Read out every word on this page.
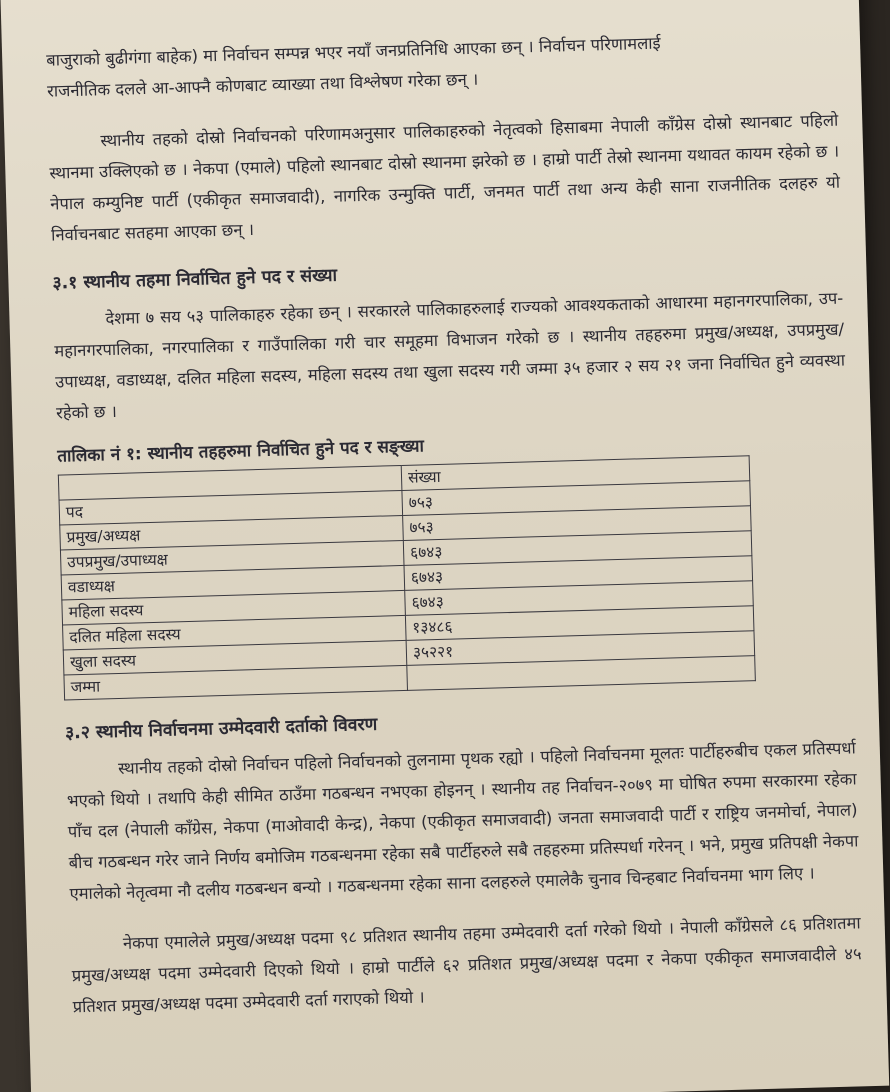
बाजुराको बुढीगंगा बाहेक) मा निर्वाचन सम्पन्न भएर नयाँ जनप्रतिनिधि आएका छन् । निर्वाचन परिणामलाई
राजनीतिक दलले आ-आफ्नै कोणबाट व्याख्या तथा विश्लेषण गरेका छन् ।

स्थानीय तहको दोस्रो निर्वाचनको परिणामअनुसार पालिकाहरुको नेतृत्वको हिसाबमा नेपाली काँग्रेस दोस्रो स्थानबाट पहिलो स्थानमा उक्लिएको छ । नेकपा (एमाले) पहिलो स्थानबाट दोस्रो स्थानमा झरेको छ । हाम्रो पार्टी तेस्रो स्थानमा यथावत कायम रहेको छ । नेपाल कम्युनिष्ट पार्टी (एकीकृत समाजवादी), नागरिक उन्मुक्ति पार्टी, जनमत पार्टी तथा अन्य केही साना राजनीतिक दलहरु यो निर्वाचनबाट सतहमा आएका छन् ।

३.१ स्थानीय तहमा निर्वाचित हुने पद र संख्या

देशमा ७ सय ५३ पालिकाहरु रहेका छन् । सरकारले पालिकाहरुलाई राज्यको आवश्यकताको आधारमा महानगरपालिका, उप-महानगरपालिका, नगरपालिका र गाउँपालिका गरी चार समूहमा विभाजन गरेको छ । स्थानीय तहहरुमा प्रमुख/अध्यक्ष, उपप्रमुख/उपाध्यक्ष, वडाध्यक्ष, दलित महिला सदस्य, महिला सदस्य तथा खुला सदस्य गरी जम्मा ३५ हजार २ सय २१ जना निर्वाचित हुने व्यवस्था रहेको छ ।

तालिका नं १: स्थानीय तहहरुमा निर्वाचित हुने पद र सङ्ख्या
	संख्या
पद	७५३
प्रमुख/अध्यक्ष	७५३
उपप्रमुख/उपाध्यक्ष	६७४३
वडाध्यक्ष	६७४३
महिला सदस्य	६७४३
दलित महिला सदस्य	१३४८६
खुला सदस्य	३५२२१
जम्मा	
३.२ स्थानीय निर्वाचनमा उम्मेदवारी दर्ताको विवरण

स्थानीय तहको दोस्रो निर्वाचन पहिलो निर्वाचनको तुलनामा पृथक रह्यो । पहिलो निर्वाचनमा मूलतः पार्टीहरुबीच एकल प्रतिस्पर्धा भएको थियो । तथापि केही सीमित ठाउँमा गठबन्धन नभएका होइनन् । स्थानीय तह निर्वाचन-२०७९ मा घोषित रुपमा सरकारमा रहेका पाँच दल (नेपाली काँग्रेस, नेकपा (माओवादी केन्द्र), नेकपा (एकीकृत समाजवादी) जनता समाजवादी पार्टी र राष्ट्रिय जनमोर्चा, नेपाल) बीच गठबन्धन गरेर जाने निर्णय बमोजिम गठबन्धनमा रहेका सबै पार्टीहरुले सबै तहहरुमा प्रतिस्पर्धा गरेनन् । भने, प्रमुख प्रतिपक्षी नेकपा एमालेको नेतृत्वमा नौ दलीय गठबन्धन बन्यो । गठबन्धनमा रहेका साना दलहरुले एमालेकै चुनाव चिन्हबाट निर्वाचनमा भाग लिए ।

नेकपा एमालेले प्रमुख/अध्यक्ष पदमा ९८ प्रतिशत स्थानीय तहमा उम्मेदवारी दर्ता गरेको थियो । नेपाली काँग्रेसले ८६ प्रतिशतमा प्रमुख/अध्यक्ष पदमा उम्मेदवारी दिएको थियो । हाम्रो पार्टीले ६२ प्रतिशत प्रमुख/अध्यक्ष पदमा र नेकपा एकीकृत समाजवादीले ४५ प्रतिशत प्रमुख/अध्यक्ष पदमा उम्मेदवारी दर्ता गराएको थियो ।
